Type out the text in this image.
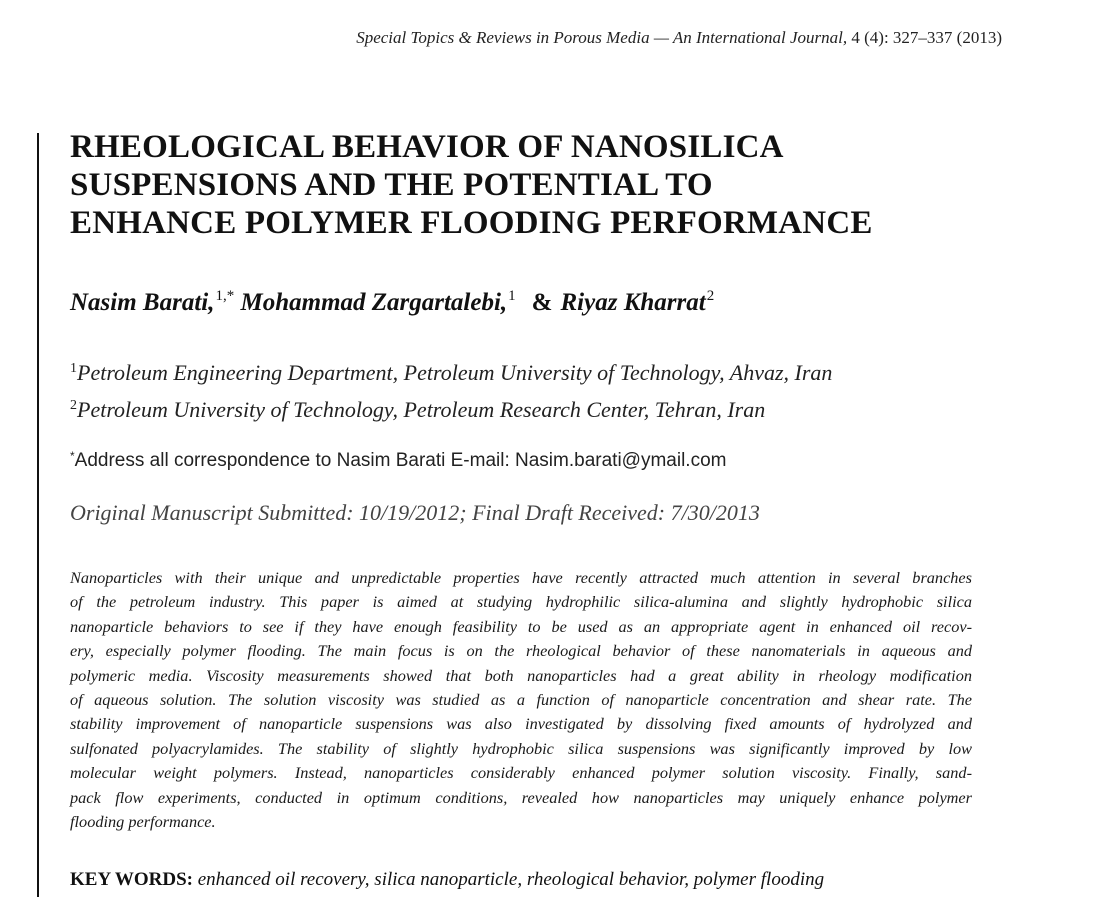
Special Topics & Reviews in Porous Media — An International Journal, 4 (4): 327–337 (2013)
RHEOLOGICAL BEHAVIOR OF NANOSILICA
SUSPENSIONS AND THE POTENTIAL TO
ENHANCE POLYMER FLOODING PERFORMANCE
Nasim Barati,$^{1,*}$ Mohammad Zargartalebi,$^1$ & Riyaz Kharrat$^2$
$^1$Petroleum Engineering Department, Petroleum University of Technology, Ahvaz, Iran
$^2$Petroleum University of Technology, Petroleum Research Center, Tehran, Iran
*Address all correspondence to Nasim Barati E-mail: Nasim.barati@ymail.com
Original Manuscript Submitted: 10/19/2012; Final Draft Received: 7/30/2013
Nanoparticles with their unique and unpredictable properties have recently attracted much attention in several branches
of the petroleum industry. This paper is aimed at studying hydrophilic silica-alumina and slightly hydrophobic silica
nanoparticle behaviors to see if they have enough feasibility to be used as an appropriate agent in enhanced oil recov-
ery, especially polymer flooding. The main focus is on the rheological behavior of these nanomaterials in aqueous and
polymeric media. Viscosity measurements showed that both nanoparticles had a great ability in rheology modification
of aqueous solution. The solution viscosity was studied as a function of nanoparticle concentration and shear rate. The
stability improvement of nanoparticle suspensions was also investigated by dissolving fixed amounts of hydrolyzed and
sulfonated polyacrylamides. The stability of slightly hydrophobic silica suspensions was significantly improved by low
molecular weight polymers. Instead, nanoparticles considerably enhanced polymer solution viscosity. Finally, sand-
pack flow experiments, conducted in optimum conditions, revealed how nanoparticles may uniquely enhance polymer
flooding performance.
KEY WORDS: enhanced oil recovery, silica nanoparticle, rheological behavior, polymer flooding
